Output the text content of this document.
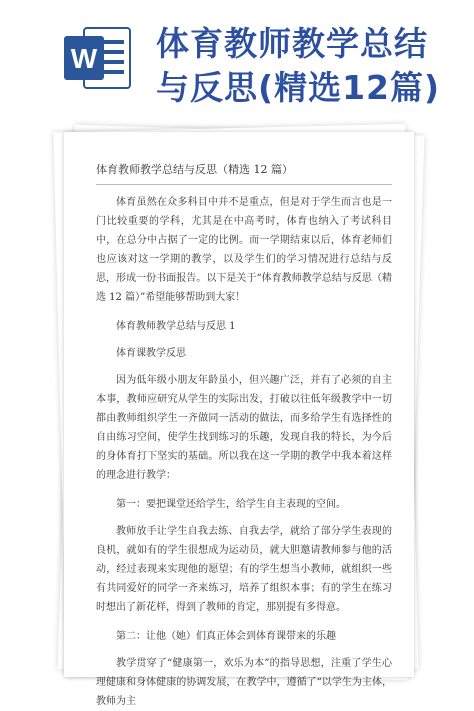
W 体育教师教学总结
与反思(精选12篇)
体育教师教学总结与反思（精选 12 篇）

体育虽然在众多科目中并不是重点，但是对于学生而言也是一门比较重要的学科，尤其是在中高考时，体育也纳入了考试科目中，在总分中占据了一定的比例。而一学期结束以后，体育老师们也应该对这一学期的教学，以及学生们的学习情况进行总结与反思，形成一份书面报告。以下是关于“体育教师教学总结与反思（精选 12 篇）”希望能够帮助到大家！

体育教师教学总结与反思 1

体育课教学反思

因为低年级小朋友年龄虽小，但兴趣广泛，并有了必须的自主本事，教师应研究从学生的实际出发，打破以往低年级教学中一切都由教师组织学生一齐做同一活动的做法，而多给学生有选择性的自由练习空间，使学生找到练习的乐趣，发现自我的特长，为今后的身体育打下坚实的基础。所以我在这一学期的教学中我本着这样的理念进行教学：

第一：要把课堂还给学生，给学生自主表现的空间。

教师放手让学生自我去练、自我去学，就给了部分学生表现的良机，就如有的学生很想成为运动员，就大胆邀请教师参与他的活动，经过表现来实现他的愿望；有的学生想当小教师，就组织一些有共同爱好的同学一齐来练习，培养了组织本事；有的学生在练习时想出了新花样，得到了教师的肯定，那别提有多得意。

第二：让他（她）们真正体会到体育课带来的乐趣

教学贯穿了“健康第一，欢乐为本”的指导思想，注重了学生心理健康和身体健康的协调发展，在教学中，遵循了“以学生为主体，教师为主
